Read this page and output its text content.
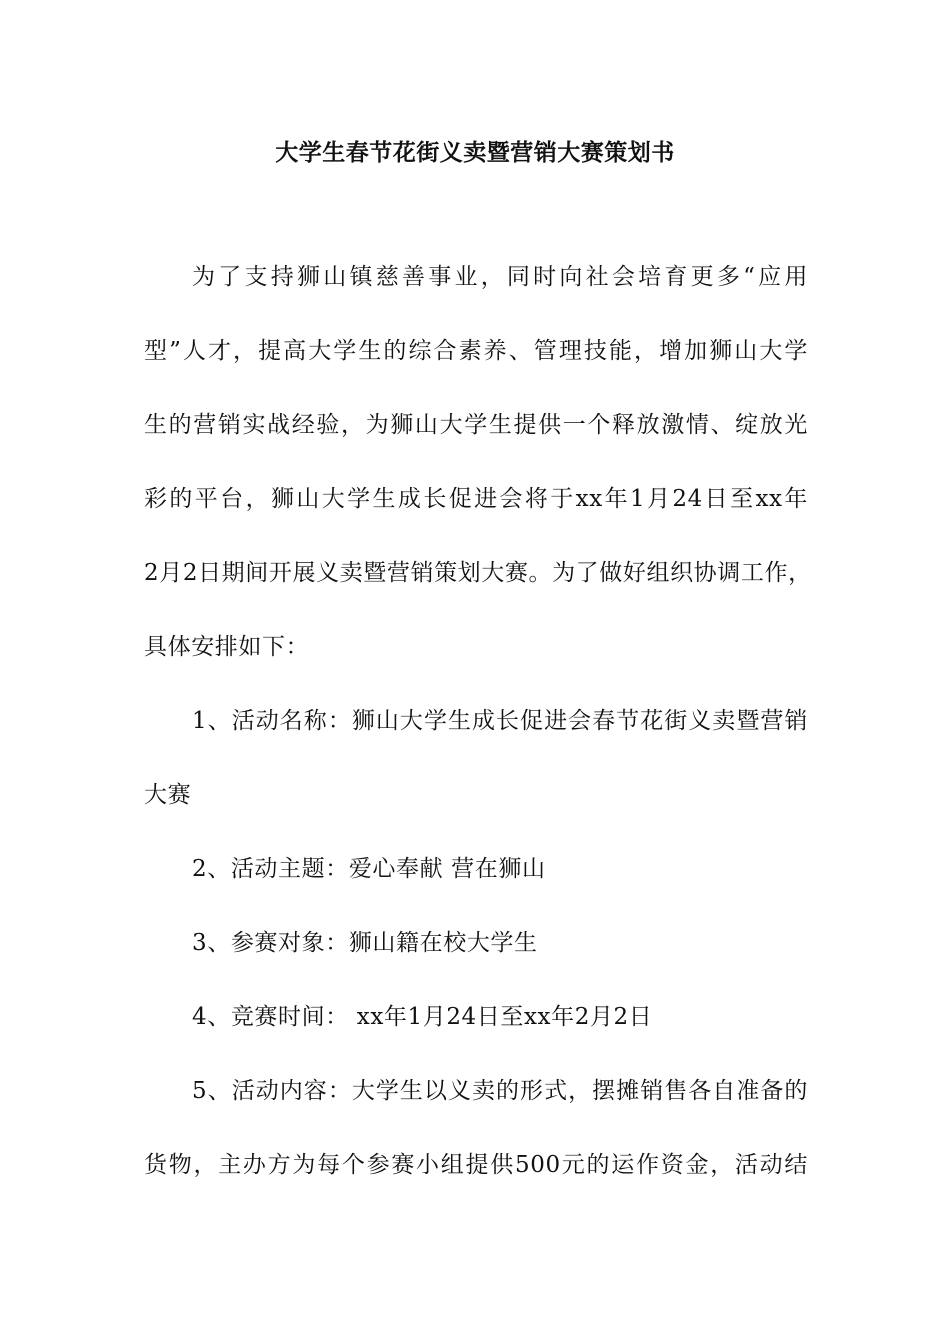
大学生春节花街义卖暨营销大赛策划书
为了支持狮山镇慈善事业，同时向社会培育更多“应用
型”人才，提高大学生的综合素养、管理技能，增加狮山大学
生的营销实战经验，为狮山大学生提供一个释放激情、绽放光
彩的平台，狮山大学生成长促进会将于xx年1月24日至xx年
2月2日期间开展义卖暨营销策划大赛。为了做好组织协调工作，
具体安排如下：
1、活动名称：狮山大学生成长促进会春节花街义卖暨营销
大赛
2、活动主题：爱心奉献 营在狮山
3、参赛对象：狮山籍在校大学生
4、竞赛时间： xx年1月24日至xx年2月2日
5、活动内容：大学生以义卖的形式，摆摊销售各自准备的
货物，主办方为每个参赛小组提供500元的运作资金，活动结
